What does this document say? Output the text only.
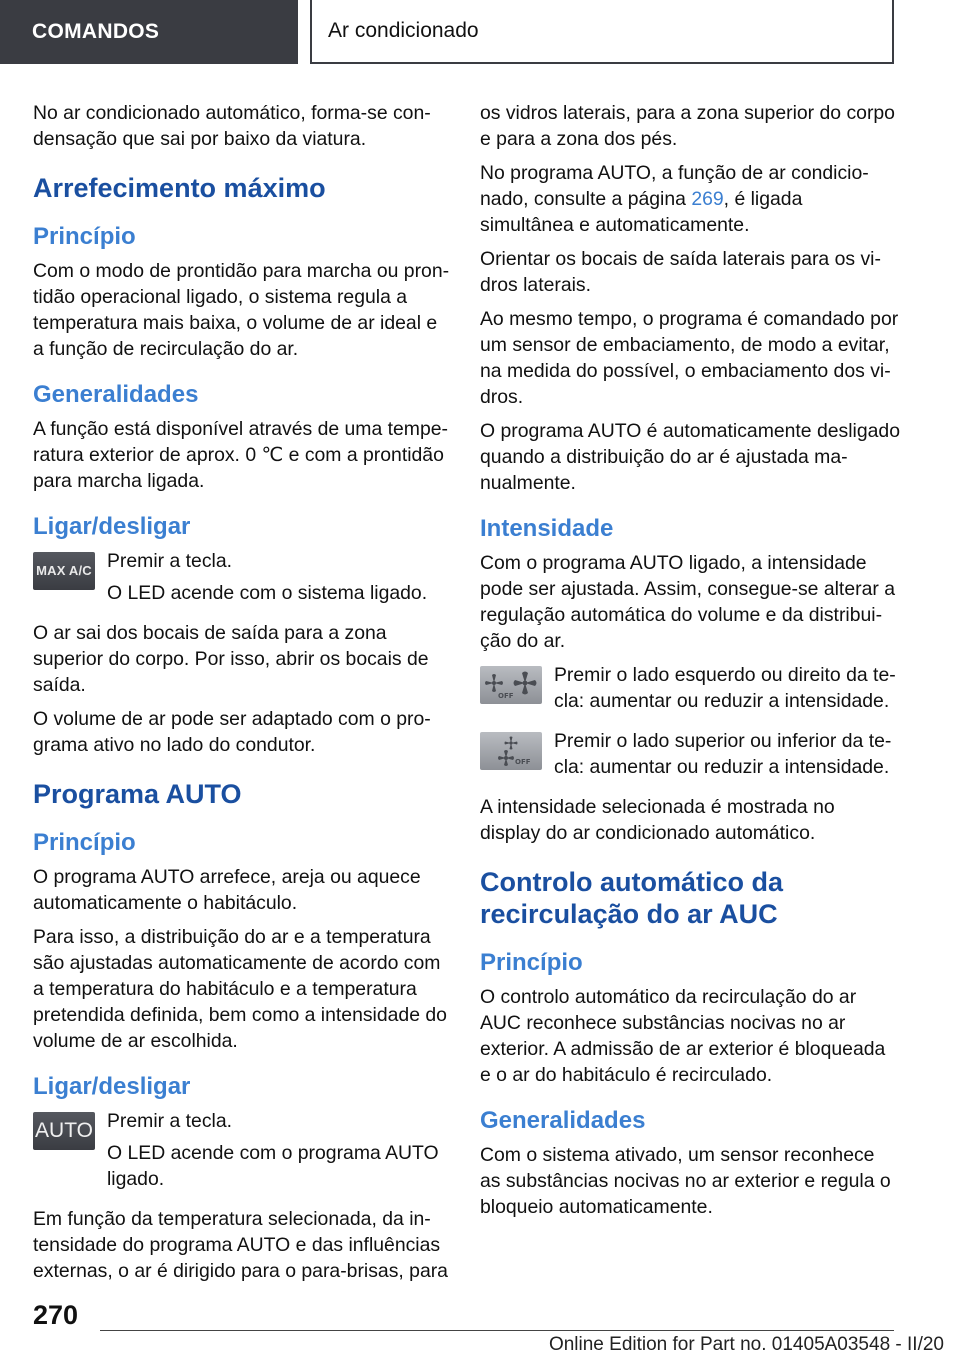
COMANDOS	Ar condicionado

No ar condicionado automático, forma-se condensação que sai por baixo da viatura.

Arrefecimento máximo
Princípio

Com o modo de prontidão para marcha ou prontidão operacional ligado, o sistema regula a temperatura mais baixa, o volume de ar ideal e a função de recirculação do ar.

Generalidades

A função está disponível através de uma temperatura exterior de aprox. 0 ℃ e com a prontidão para marcha ligada.

Ligar/desligar
MAX A/C Premir a tecla.

O LED acende com o sistema ligado.

O ar sai dos bocais de saída para a zona superior do corpo. Por isso, abrir os bocais de saída.

O volume de ar pode ser adaptado com o programa ativo no lado do condutor.

Programa AUTO
Princípio

O programa AUTO arrefece, areja ou aquece automaticamente o habitáculo.

Para isso, a distribuição do ar e a temperatura são ajustadas automaticamente de acordo com a temperatura do habitáculo e a temperatura pretendida definida, bem como a intensidade do volume de ar escolhida.

Ligar/desligar
AUTO Premir a tecla.

O LED acende com o programa AUTO ligado.

Em função da temperatura selecionada, da intensidade do programa AUTO e das influências externas, o ar é dirigido para o para-brisas, para

os vidros laterais, para a zona superior do corpo e para a zona dos pés.

No programa AUTO, a função de ar condicionado, consulte a página 269, é ligada simultânea e automaticamente.

Orientar os bocais de saída laterais para os vidros laterais.

Ao mesmo tempo, o programa é comandado por um sensor de embaciamento, de modo a evitar, na medida do possível, o embaciamento dos vidros.

O programa AUTO é automaticamente desligado quando a distribuição do ar é ajustada manualmente.

Intensidade

Com o programa AUTO ligado, a intensidade pode ser ajustada. Assim, consegue-se alterar a regulação automática do volume e da distribuição do ar.

OFF

Premir o lado esquerdo ou direito da tecla: aumentar ou reduzir a intensidade.

OFF

Premir o lado superior ou inferior da tecla: aumentar ou reduzir a intensidade.

A intensidade selecionada é mostrada no display do ar condicionado automático.

Controlo automático da recirculação do ar AUC
Princípio

O controlo automático da recirculação do ar AUC reconhece substâncias nocivas no ar exterior. A admissão de ar exterior é bloqueada e o ar do habitáculo é recirculado.

Generalidades

Com o sistema ativado, um sensor reconhece as substâncias nocivas no ar exterior e regula o bloqueio automaticamente.

270
Online Edition for Part no. 01405A03548 - II/20
